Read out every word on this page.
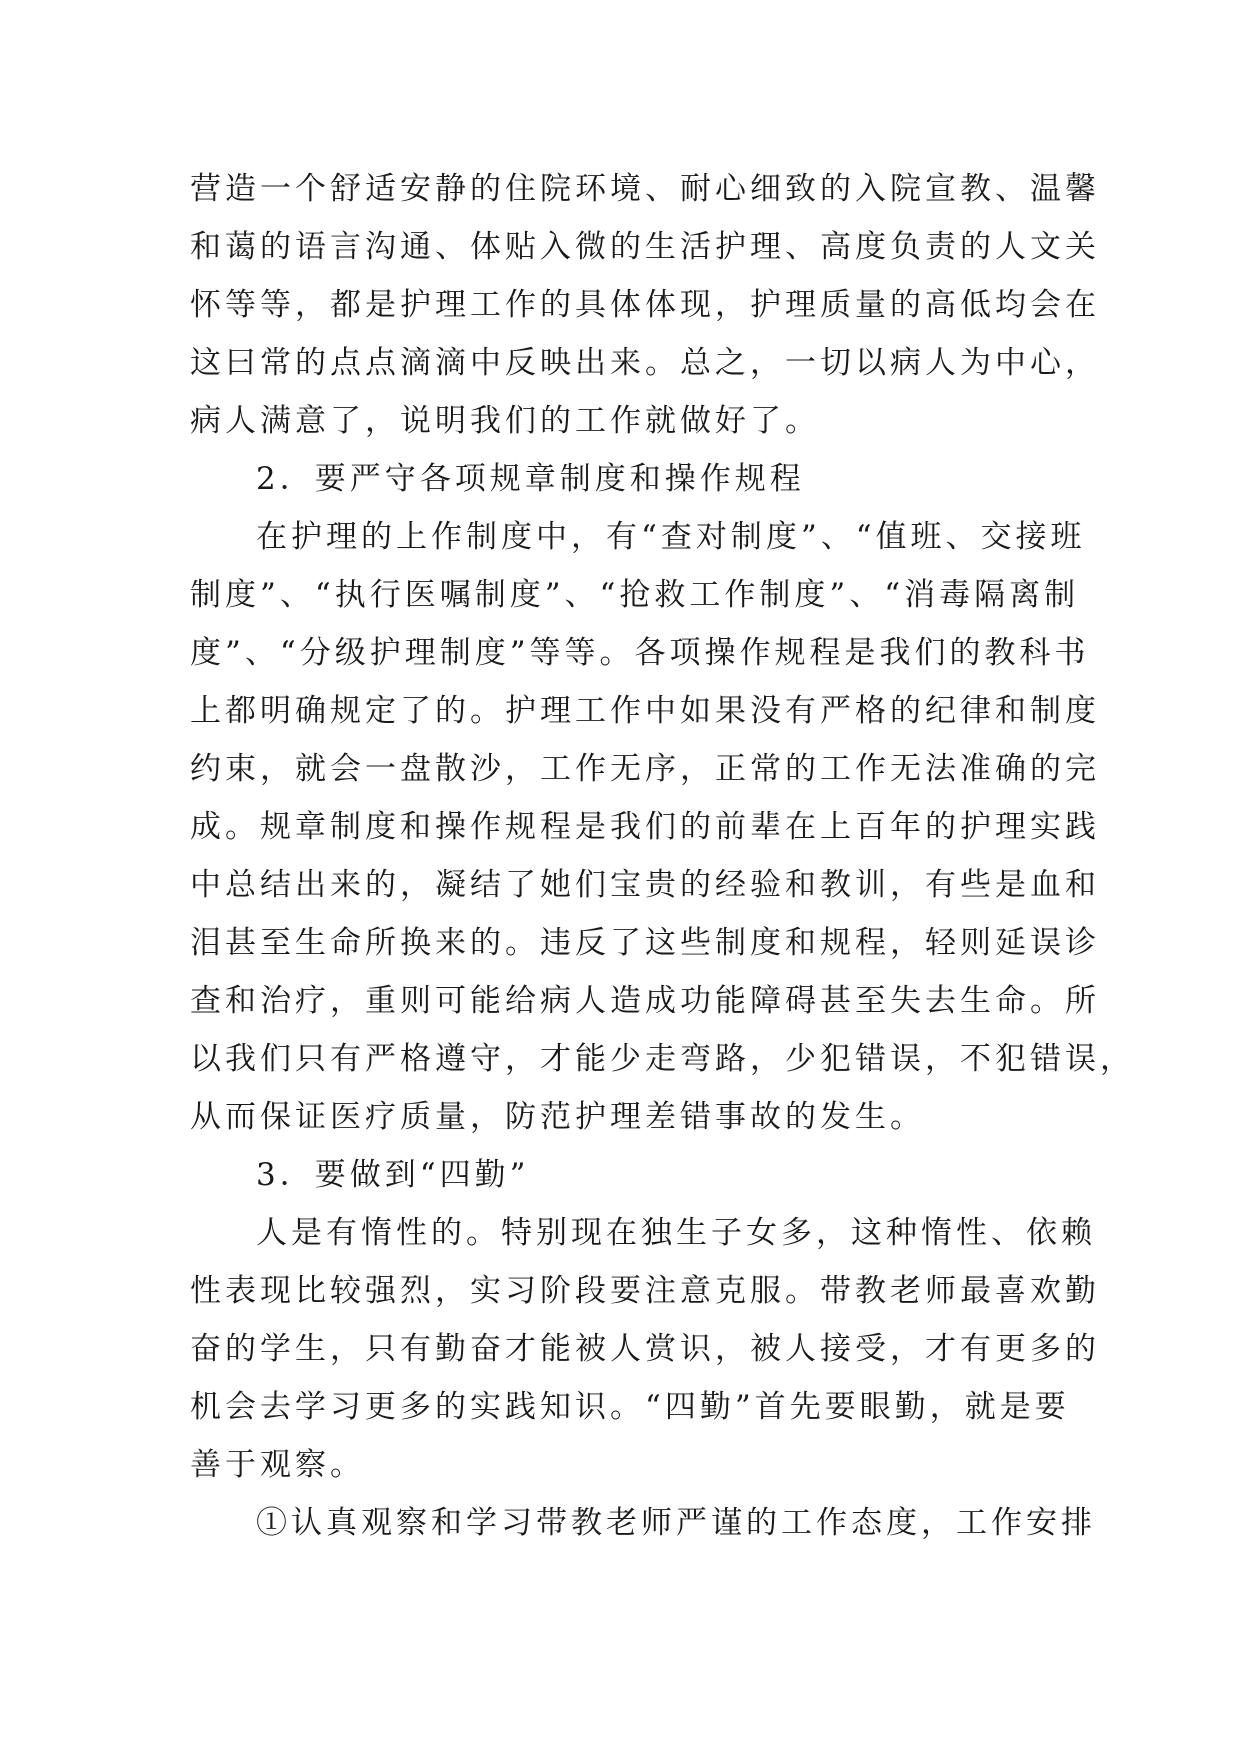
营造一个舒适安静的住院环境、耐心细致的入院宣教、温馨
和蔼的语言沟通、体贴入微的生活护理、高度负责的人文关
怀等等，都是护理工作的具体体现，护理质量的高低均会在
这曰常的点点滴滴中反映出来。总之，一切以病人为中心，
病人满意了，说明我们的工作就做好了。
2．要严守各项规章制度和操作规程
在护理的上作制度中，有“查对制度”、“值班、交接班
制度”、“执行医嘱制度”、“抢救工作制度”、“消毒隔离制
度”、“分级护理制度”等等。各项操作规程是我们的教科书
上都明确规定了的。护理工作中如果没有严格的纪律和制度
约束，就会一盘散沙，工作无序，正常的工作无法准确的完
成。规章制度和操作规程是我们的前辈在上百年的护理实践
中总结出来的，凝结了她们宝贵的经验和教训，有些是血和
泪甚至生命所换来的。违反了这些制度和规程，轻则延误诊
查和治疗，重则可能给病人造成功能障碍甚至失去生命。所
以我们只有严格遵守，才能少走弯路，少犯错误，不犯错误，
从而保证医疗质量，防范护理差错事故的发生。
3．要做到“四勤”
人是有惰性的。特别现在独生子女多，这种惰性、依赖
性表现比较强烈，实习阶段要注意克服。带教老师最喜欢勤
奋的学生，只有勤奋才能被人赏识，被人接受，才有更多的
机会去学习更多的实践知识。“四勤”首先要眼勤，就是要
善于观察。
①认真观察和学习带教老师严谨的工作态度，工作安排
